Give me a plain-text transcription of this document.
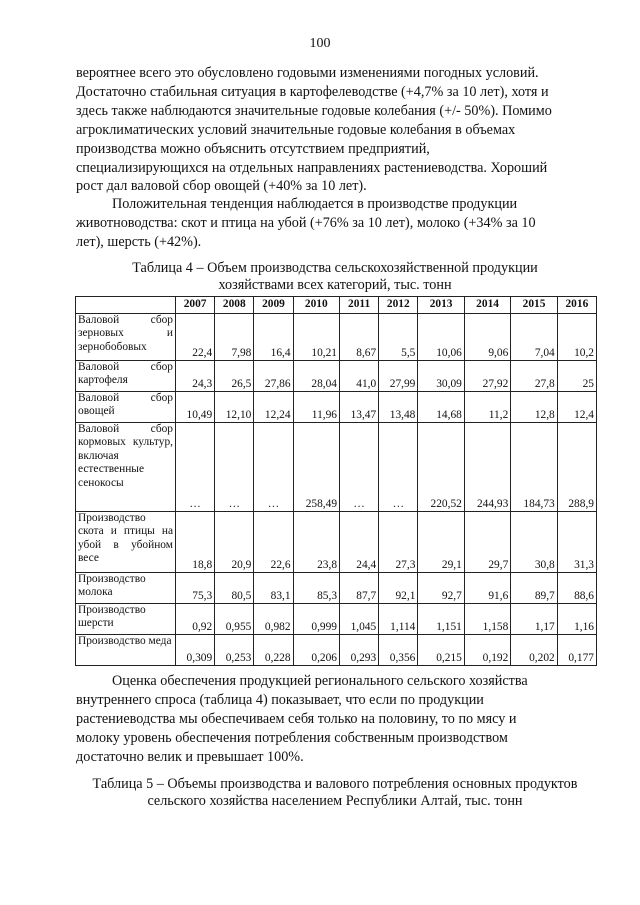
100

вероятнее всего это обусловлено годовыми изменениями погодных условий.
Достаточно стабильная ситуация в картофелеводстве (+4,7% за 10 лет), хотя и
здесь также наблюдаются значительные годовые колебания (+/- 50%). Помимо
агроклиматических условий значительные годовые колебания в объемах
производства можно объяснить отсутствием предприятий,
специализирующихся на отдельных направлениях растениеводства. Хороший
рост дал валовой сбор овощей (+40% за 10 лет).

Положительная тенденция наблюдается в производстве продукции
животноводства: скот и птица на убой (+76% за 10 лет), молоко (+34% за 10
лет), шерсть (+42%).

Таблица 4 – Объем производства сельскохозяйственной продукции
хозяйствами всех категорий, тыс. тонн
	2007	2008	2009	2010	2011	2012	2013	2014	2015	2016
Валовой сбор зерновых и зернобобовых	22,4	7,98	16,4	10,21	8,67	5,5	10,06	9,06	7,04	10,2
Валовой сбор картофеля	24,3	26,5	27,86	28,04	41,0	27,99	30,09	27,92	27,8	25
Валовой сбор овощей	10,49	12,10	12,24	11,96	13,47	13,48	14,68	11,2	12,8	12,4
Валовой сбор кормовых культур, включая естественные сенокосы	…	…	…	258,49	…	…	220,52	244,93	184,73	288,9
Производство скота и птицы на убой в убойном весе	18,8	20,9	22,6	23,8	24,4	27,3	29,1	29,7	30,8	31,3
Производство молока	75,3	80,5	83,1	85,3	87,7	92,1	92,7	91,6	89,7	88,6
Производство шерсти	0,92	0,955	0,982	0,999	1,045	1,114	1,151	1,158	1,17	1,16
Производство меда	0,309	0,253	0,228	0,206	0,293	0,356	0,215	0,192	0,202	0,177

Оценка обеспечения продукцией регионального сельского хозяйства
внутреннего спроса (таблица 4) показывает, что если по продукции
растениеводства мы обеспечиваем себя только на половину, то по мясу и
молоку уровень обеспечения потребления собственным производством
достаточно велик и превышает 100%.

Таблица 5 – Объемы производства и валового потребления основных продуктов
сельского хозяйства населением Республики Алтай, тыс. тонн
